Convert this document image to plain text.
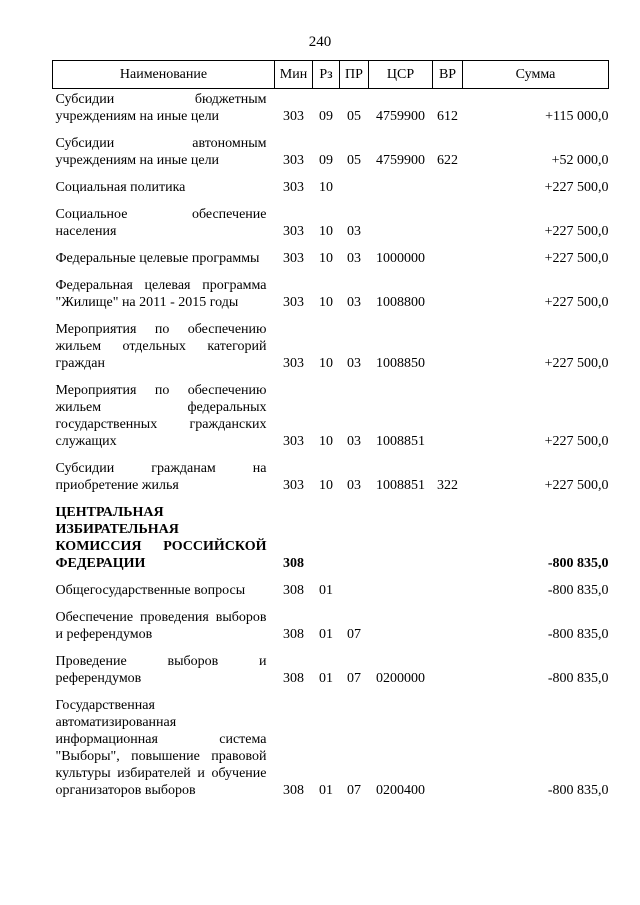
240
Наименование	Мин	Рз	ПР	ЦСР	ВР	Сумма
Субсидии бюджетным учреждениям на иные цели	303	09	05	4759900	612	+115 000,0
Субсидии автономным учреждениям на иные цели	303	09	05	4759900	622	+52 000,0
Социальная политика	303	10				+227 500,0
Социальное обеспечение населения	303	10	03			+227 500,0
Федеральные целевые программы	303	10	03	1000000		+227 500,0
Федеральная целевая программа "Жилище" на 2011 - 2015 годы	303	10	03	1008800		+227 500,0
Мероприятия по обеспечению жильем отдельных категорий граждан	303	10	03	1008850		+227 500,0
Мероприятия по обеспечению жильем федеральных государственных гражданских служащих	303	10	03	1008851		+227 500,0
Субсидии гражданам на приобретение жилья	303	10	03	1008851	322	+227 500,0
ЦЕНТРАЛЬНАЯ ИЗБИРАТЕЛЬНАЯ КОМИССИЯ РОССИЙСКОЙ ФЕДЕРАЦИИ	308					-800 835,0
Общегосударственные вопросы	308	01				-800 835,0
Обеспечение проведения выборов и референдумов	308	01	07			-800 835,0
Проведение выборов и референдумов	308	01	07	0200000		-800 835,0
Государственная автоматизированная информационная система "Выборы", повышение правовой культуры избирателей и обучение организаторов выборов	308	01	07	0200400		-800 835,0
